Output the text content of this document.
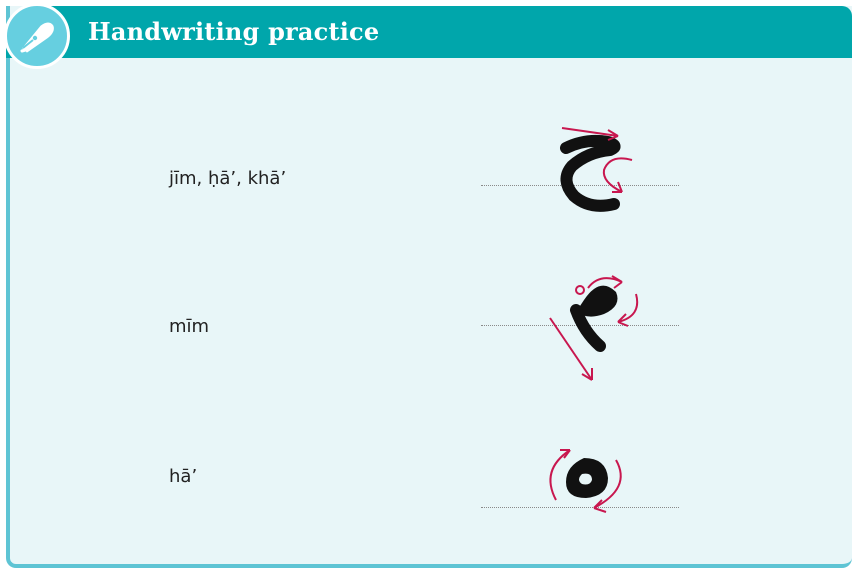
Handwriting practice
jīm, ḥā’, khā’
mīm
hā’
